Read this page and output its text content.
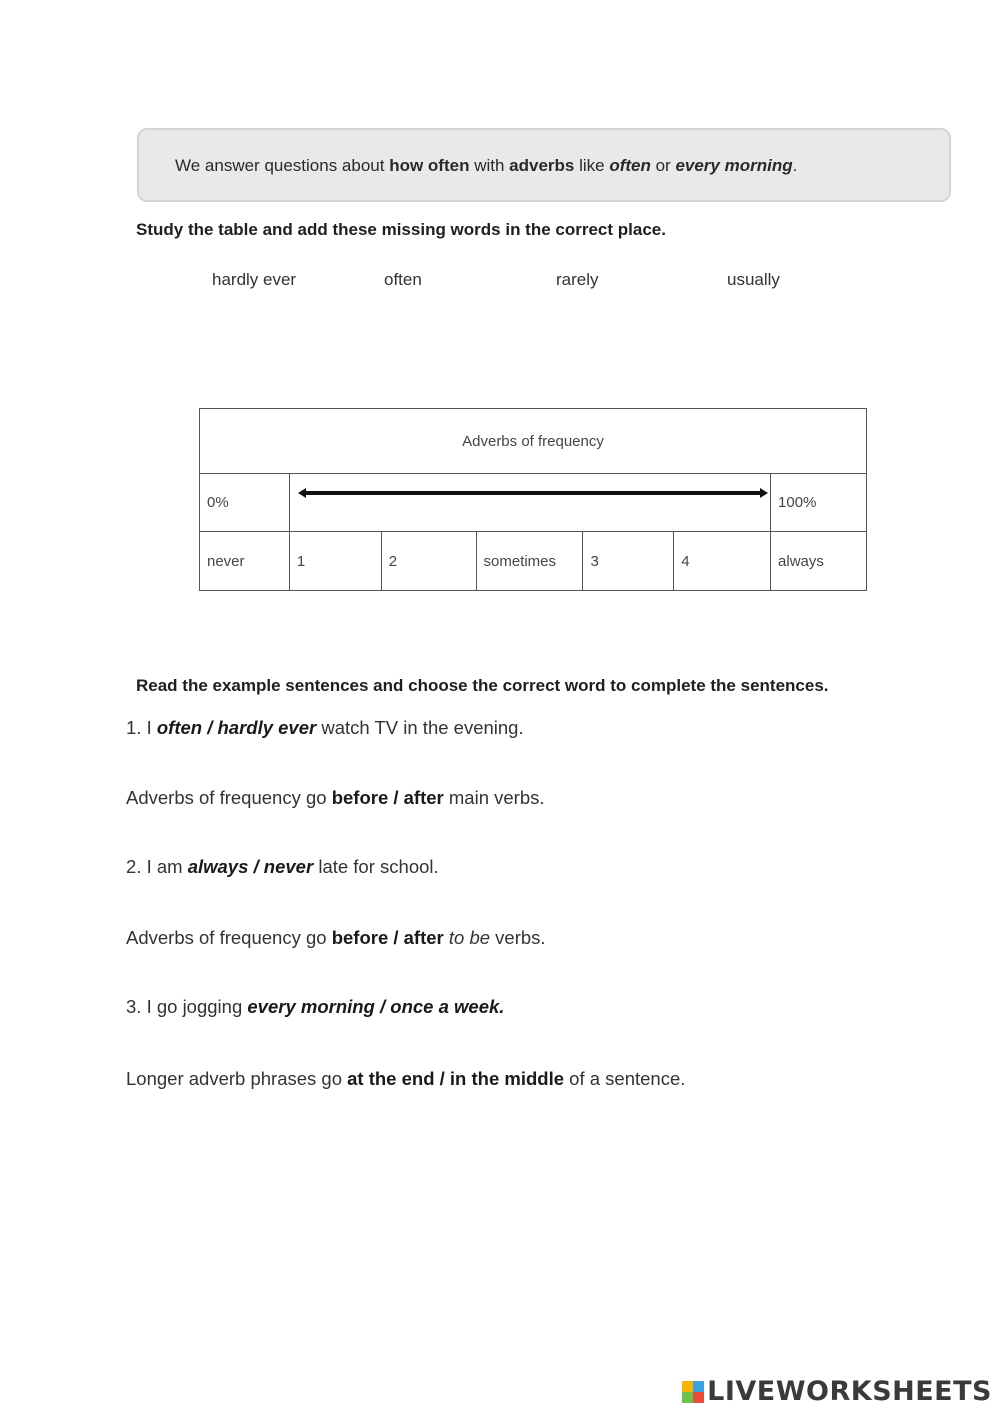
We answer questions about how often with adverbs like often or every morning.
Study the table and add these missing words in the correct place.
hardly ever	often	rarely	usually
Adverbs of frequency						
0%						100%
never	1	2	sometimes	3	4	always
Read the example sentences and choose the correct word to complete the sentences.
1. I often / hardly ever watch TV in the evening.
Adverbs of frequency go before / after main verbs.
2. I am always / never late for school.
Adverbs of frequency go before / after to be verbs.
3. I go jogging every morning / once a week.
Longer adverb phrases go at the end / in the middle of a sentence.
LIVEWORKSHEETS
